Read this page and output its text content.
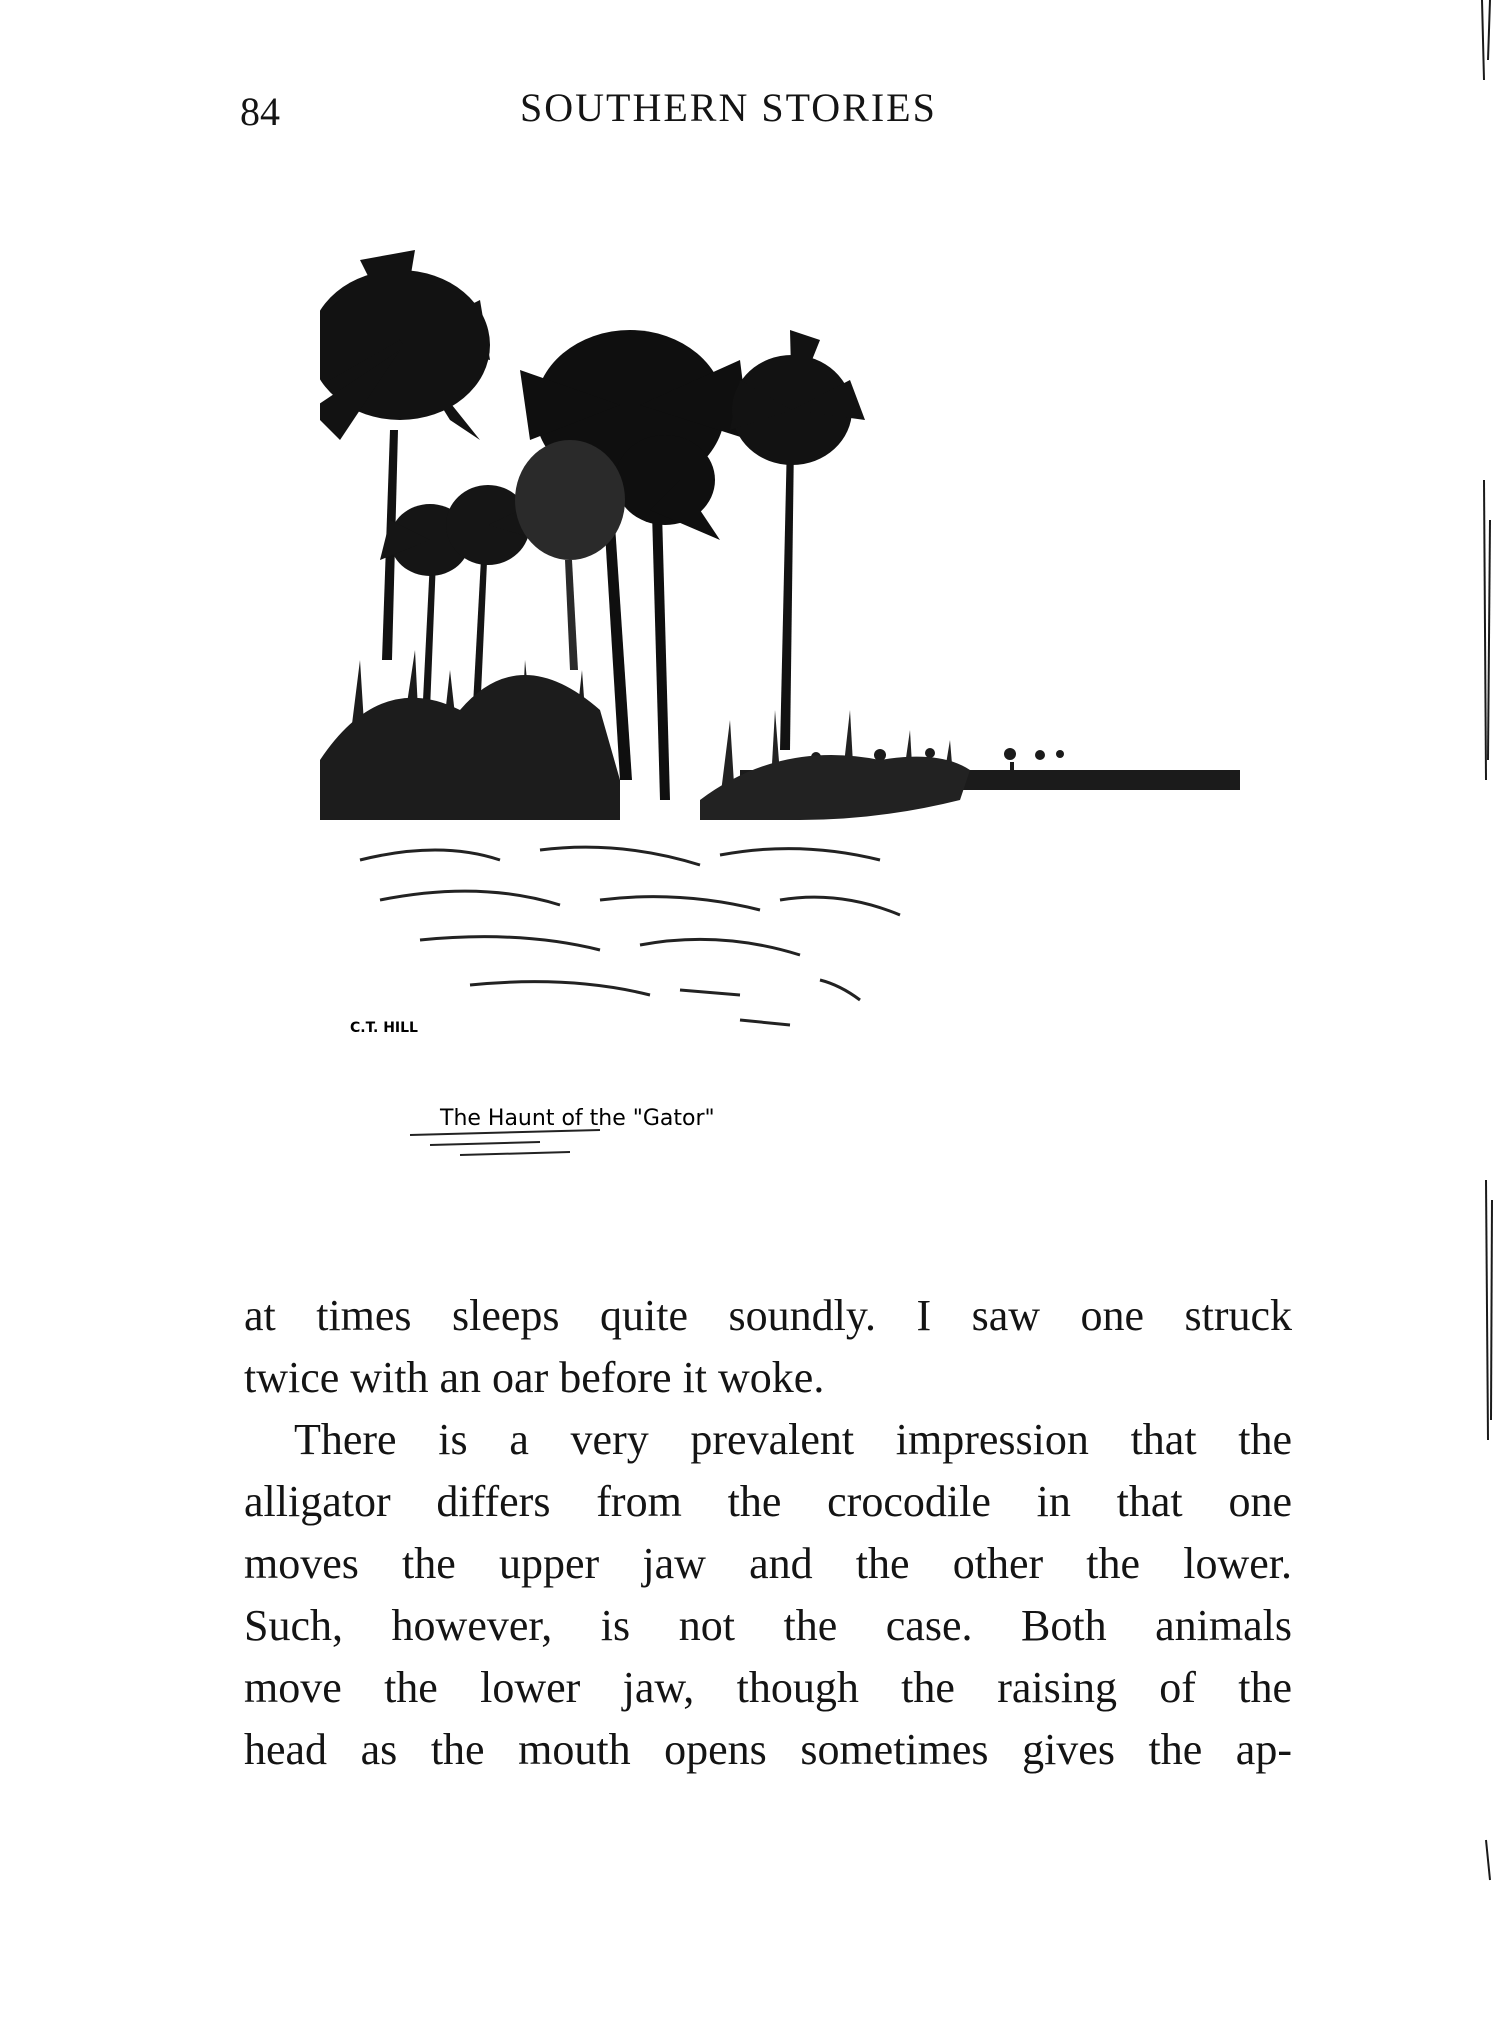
84	SOUTHERN STORIES
C.T. HILL
The Haunt of the "Gator"

at times sleeps quite soundly. I saw one struck
twice with an oar before it woke.

There is a very prevalent impression that the
alligator differs from the crocodile in that one
moves the upper jaw and the other the lower.
Such, however, is not the case. Both animals
move the lower jaw, though the raising of the
head as the mouth opens sometimes gives the ap-
